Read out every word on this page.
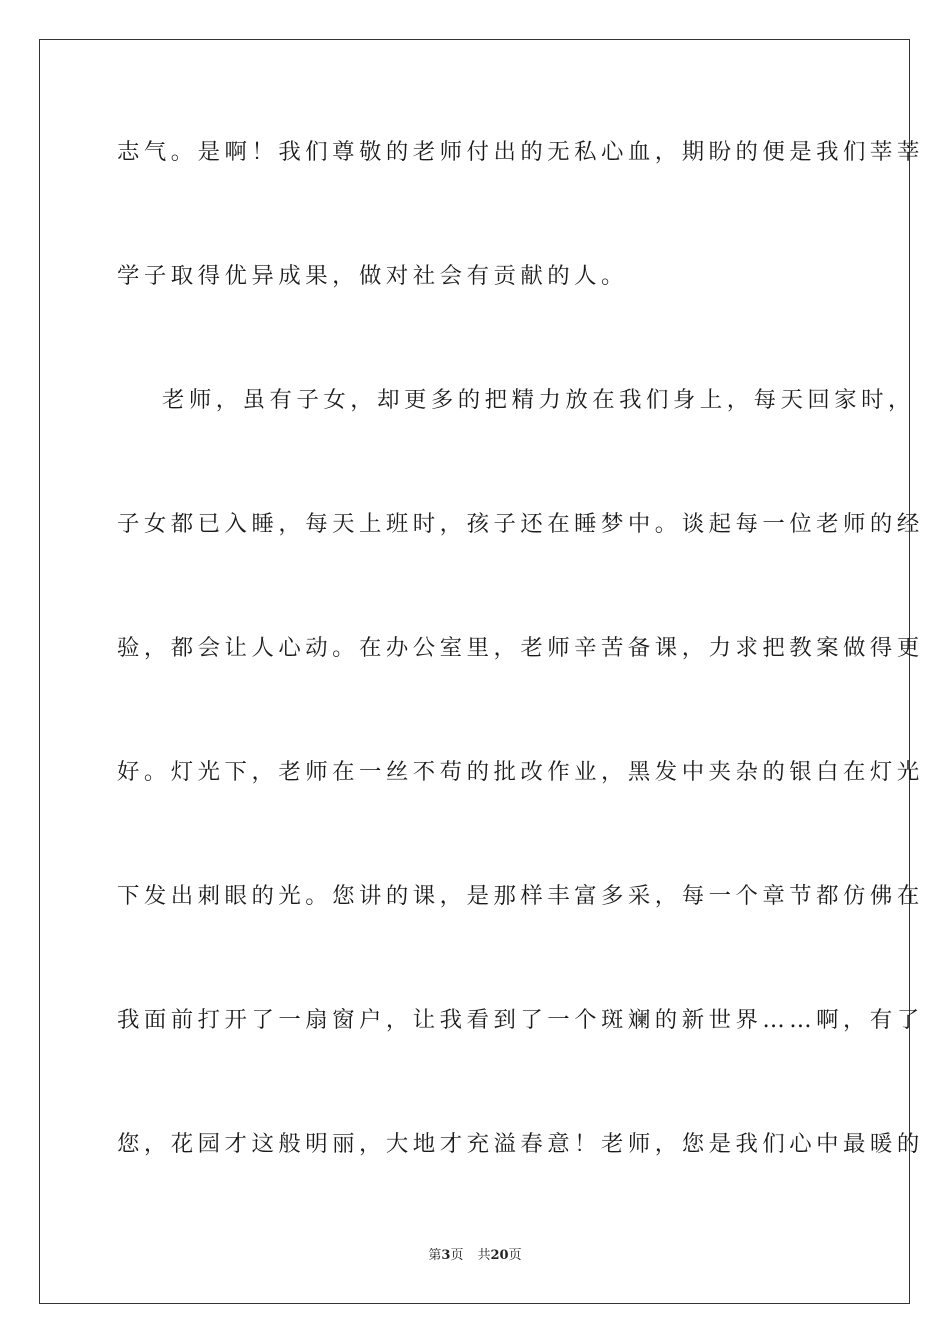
志气。是啊！我们尊敬的老师付出的无私心血，期盼的便是我们莘莘
学子取得优异成果，做对社会有贡献的人。
老师，虽有子女，却更多的把精力放在我们身上，每天回家时，
子女都已入睡，每天上班时，孩子还在睡梦中。谈起每一位老师的经
验，都会让人心动。在办公室里，老师辛苦备课，力求把教案做得更
好。灯光下，老师在一丝不苟的批改作业，黑发中夹杂的银白在灯光
下发出刺眼的光。您讲的课，是那样丰富多采，每一个章节都仿佛在
我面前打开了一扇窗户，让我看到了一个斑斓的新世界……啊，有了
您，花园才这般明丽，大地才充溢春意！老师，您是我们心中最暖的
第3页 共20页
